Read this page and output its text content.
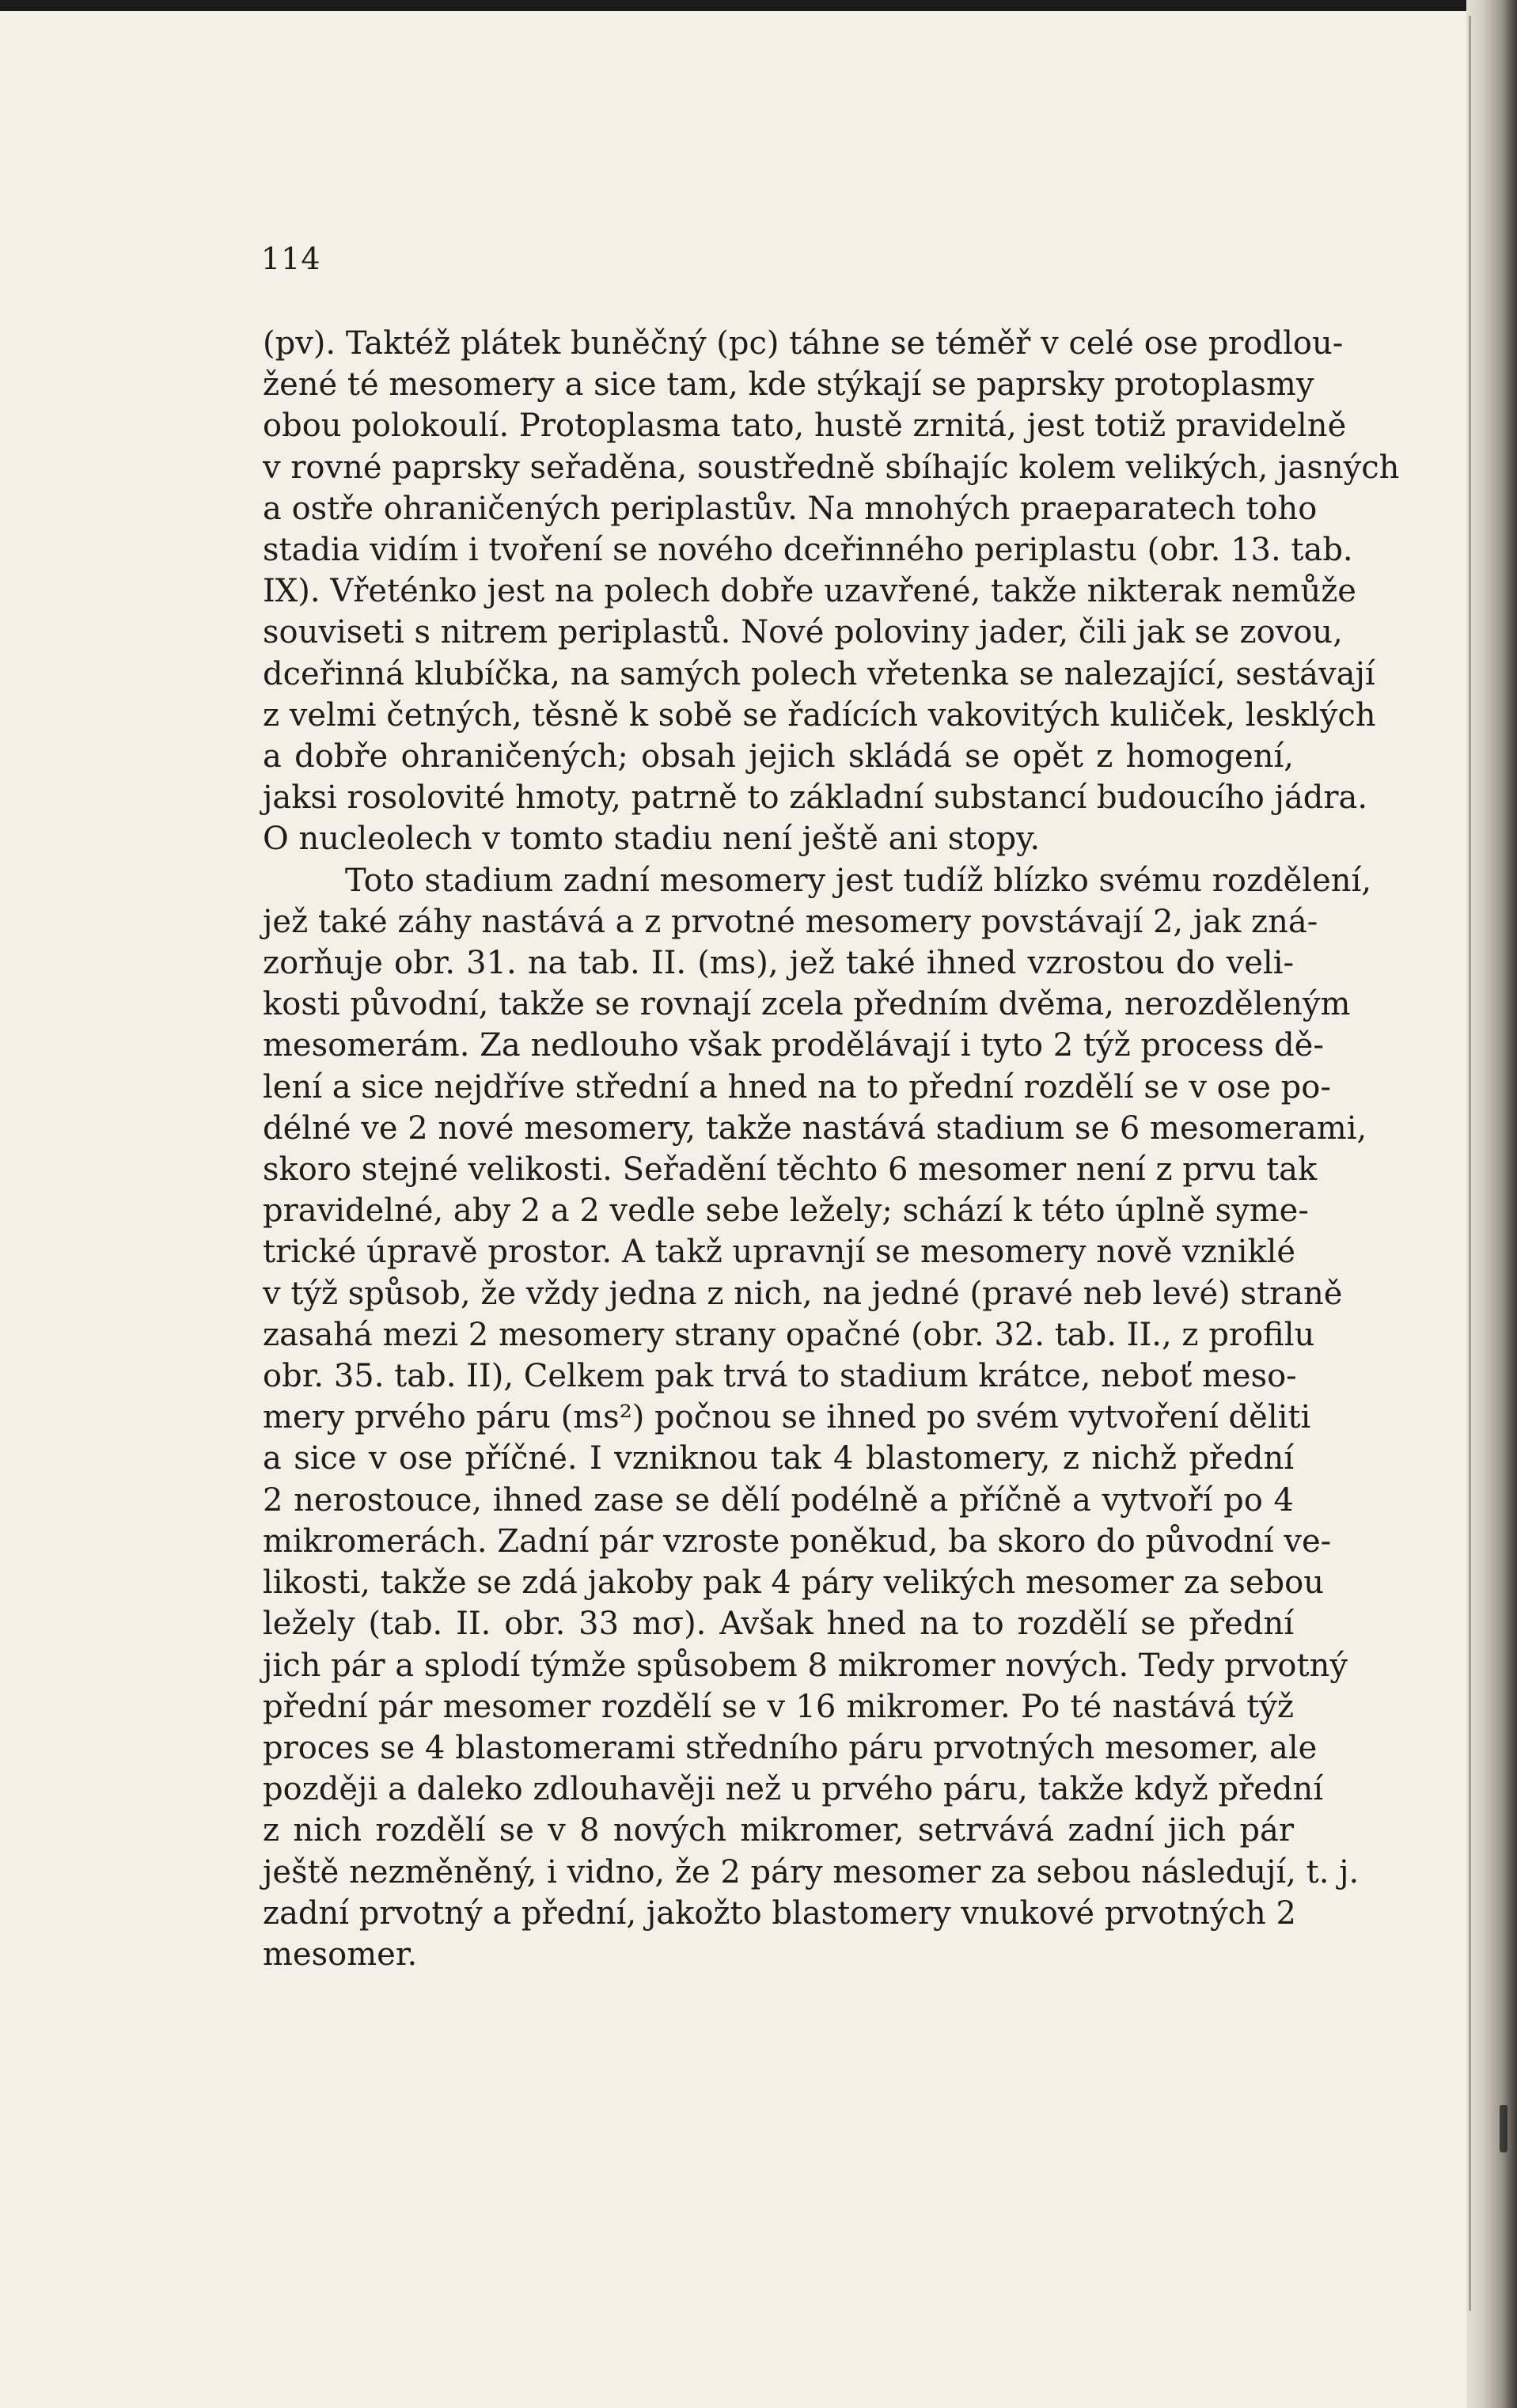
114
(pv). Taktéž plátek buněčný (pc) táhne se téměř v celé ose prodlou-
žené té mesomery a sice tam, kde stýkají se paprsky protoplasmy
obou polokoulí. Protoplasma tato, hustě zrnitá, jest totiž pravidelně
v rovné paprsky seřaděna, soustředně sbíhajíc kolem velikých, jasných
a ostře ohraničených periplastův. Na mnohých praeparatech toho
stadia vidím i tvoření se nového dceřinného periplastu (obr. 13. tab.
IX). Vřeténko jest na polech dobře uzavřené, takže nikterak nemůže
souviseti s nitrem periplastů. Nové poloviny jader, čili jak se zovou,
dceřinná klubíčka, na samých polech vřetenka se nalezající, sestávají
z velmi četných, těsně k sobě se řadících vakovitých kuliček, lesklých
a dobře ohraničených; obsah jejich skládá se opět z homogení,
jaksi rosolovité hmoty, patrně to základní substancí budoucího jádra.
O nucleolech v tomto stadiu není ještě ani stopy.
Toto stadium zadní mesomery jest tudíž blízko svému rozdělení,
jež také záhy nastává a z prvotné mesomery povstávají 2, jak zná-
zorňuje obr. 31. na tab. II. (ms), jež také ihned vzrostou do veli-
kosti původní, takže se rovnají zcela předním dvěma, nerozděleným
mesomerám. Za nedlouho však prodělávají i tyto 2 týž process dě-
lení a sice nejdříve střední a hned na to přední rozdělí se v ose po-
délné ve 2 nové mesomery, takže nastává stadium se 6 mesomerami,
skoro stejné velikosti. Seřadění těchto 6 mesomer není z prvu tak
pravidelné, aby 2 a 2 vedle sebe ležely; schází k této úplně syme-
trické úpravě prostor. A takž upravnjí se mesomery nově vzniklé
v týž spůsob, že vždy jedna z nich, na jedné (pravé neb levé) straně
zasahá mezi 2 mesomery strany opačné (obr. 32. tab. II., z profilu
obr. 35. tab. II), Celkem pak trvá to stadium krátce, neboť meso-
mery prvého páru (ms²) počnou se ihned po svém vytvoření děliti
a sice v ose příčné. I vzniknou tak 4 blastomery, z nichž přední
2 nerostouce, ihned zase se dělí podélně a příčně a vytvoří po 4
mikromerách. Zadní pár vzroste poněkud, ba skoro do původní ve-
likosti, takže se zdá jakoby pak 4 páry velikých mesomer za sebou
ležely (tab. II. obr. 33 mσ). Avšak hned na to rozdělí se přední
jich pár a splodí týmže spůsobem 8 mikromer nových. Tedy prvotný
přední pár mesomer rozdělí se v 16 mikromer. Po té nastává týž
proces se 4 blastomerami středního páru prvotných mesomer, ale
později a daleko zdlouhavěji než u prvého páru, takže když přední
z nich rozdělí se v 8 nových mikromer, setrvává zadní jich pár
ještě nezměněný, i vidno, že 2 páry mesomer za sebou následují, t. j.
zadní prvotný a přední, jakožto blastomery vnukové prvotných 2
mesomer.
